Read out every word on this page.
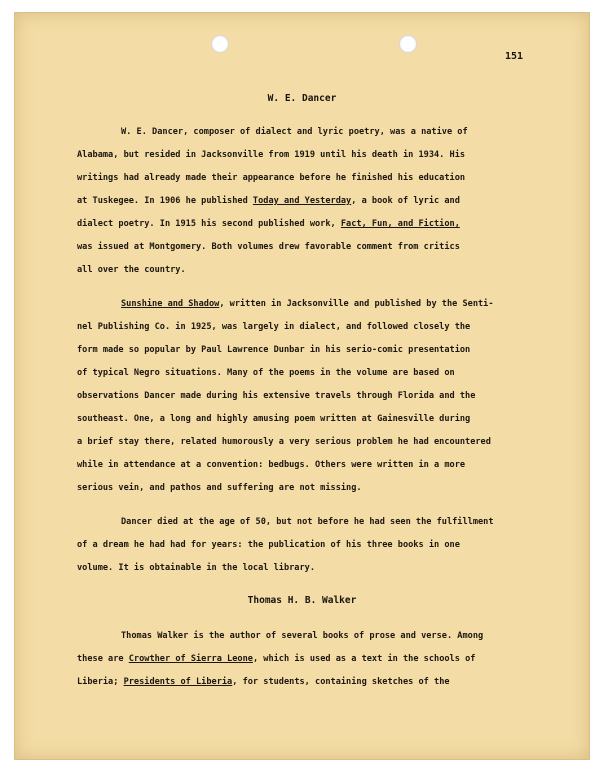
151
W. E. Dancer
W. E. Dancer, composer of dialect and lyric poetry, was a native of
Alabama, but resided in Jacksonville from 1919 until his death in 1934. His
writings had already made their appearance before he finished his education
at Tuskegee. In 1906 he published Today and Yesterday, a book of lyric and
dialect poetry. In 1915 his second published work, Fact, Fun, and Fiction,
was issued at Montgomery. Both volumes drew favorable comment from critics
all over the country.
Sunshine and Shadow, written in Jacksonville and published by the Senti-
nel Publishing Co. in 1925, was largely in dialect, and followed closely the
form made so popular by Paul Lawrence Dunbar in his serio-comic presentation
of typical Negro situations. Many of the poems in the volume are based on
observations Dancer made during his extensive travels through Florida and the
southeast. One, a long and highly amusing poem written at Gainesville during
a brief stay there, related humorously a very serious problem he had encountered
while in attendance at a convention: bedbugs. Others were written in a more
serious vein, and pathos and suffering are not missing.
Dancer died at the age of 50, but not before he had seen the fulfillment
of a dream he had had for years: the publication of his three books in one
volume. It is obtainable in the local library.
Thomas H. B. Walker
Thomas Walker is the author of several books of prose and verse. Among
these are Crowther of Sierra Leone, which is used as a text in the schools of
Liberia; Presidents of Liberia, for students, containing sketches of the
